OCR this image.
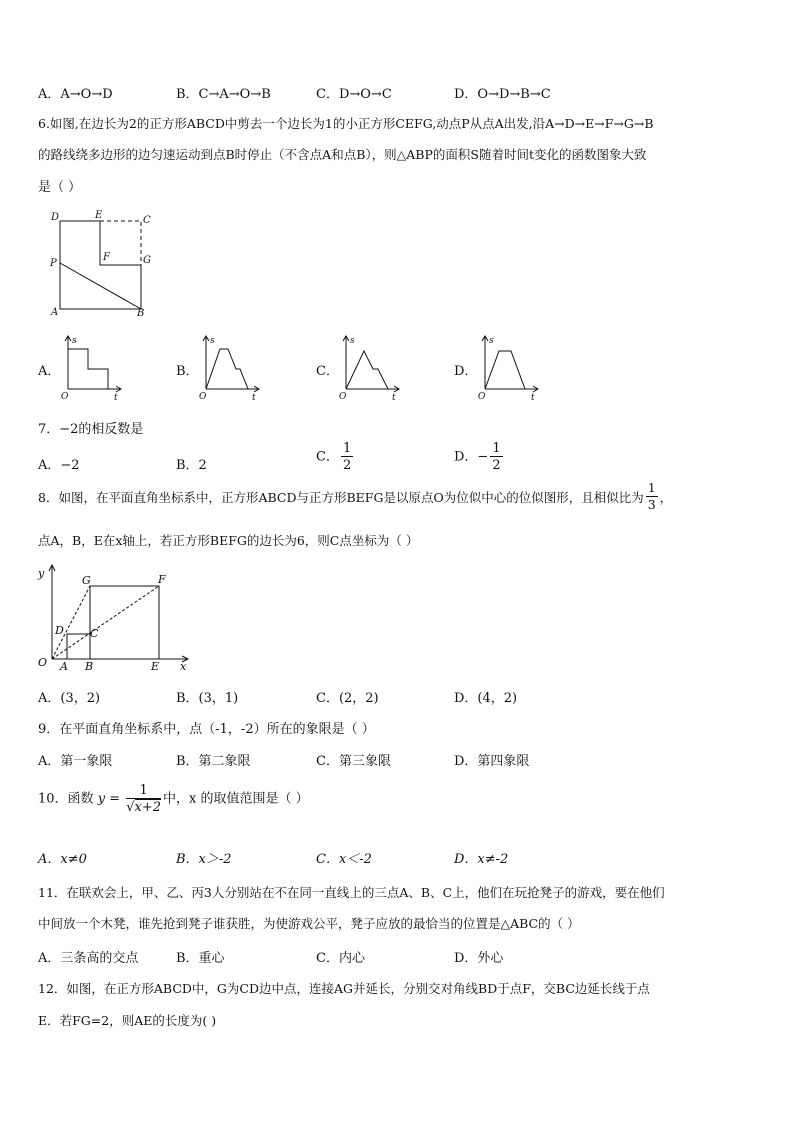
A．A→O→D	B．C→A→O→B	C．D→O→C	D．O→D→B→C
6.如图,在边长为2的正方形ABCD中剪去一个边长为1的小正方形CEFG,动点P从点A出发,沿A→D→E→F→G→B
的路线绕多边形的边匀速运动到点B时停止（不含点A和点B），则△ABP的面积S随着时间t变化的函数图象大致
是（ ）
D	E	C
P
F	G
A	B
A．	B．	C．	D．
s
O	t
s
O	t
s
O	t
s
O	t
7．−2的相反数是
A．−2	B．2
C． $\frac{1}{2}$	D．− $\frac{1}{2}$
8．如图，在平面直角坐标系中，正方形ABCD与正方形BEFG是以原点O为位似中心的位似图形，且相似比为 $\frac{1}{3}$ ，
点A，B，E在x轴上，若正方形BEFG的边长为6，则C点坐标为（ ）
y
G	F
D C
O A B	E x
A．(3，2)	B．(3，1)	C．(2，2)	D．(4，2)
9．在平面直角坐标系中，点（-1，-2）所在的象限是（ ）
A．第一象限	B．第二象限	C．第三象限	D．第四象限
10．函数 $y = \frac{1}{√x+2}$ 中，x 的取值范围是（ ）
A．x≠0	B．x＞-2	C．x＜-2	D．x≠-2
11．在联欢会上，甲、乙、丙3人分别站在不在同一直线上的三点A、B、C上，他们在玩抢凳子的游戏，要在他们
中间放一个木凳，谁先抢到凳子谁获胜，为使游戏公平，凳子应放的最恰当的位置是△ABC的（ ）
A．三条高的交点	B．重心	C．内心	D．外心
12．如图，在正方形ABCD中，G为CD边中点，连接AG并延长，分别交对角线BD于点F，交BC边延长线于点
E．若FG=2，则AE的长度为( )
